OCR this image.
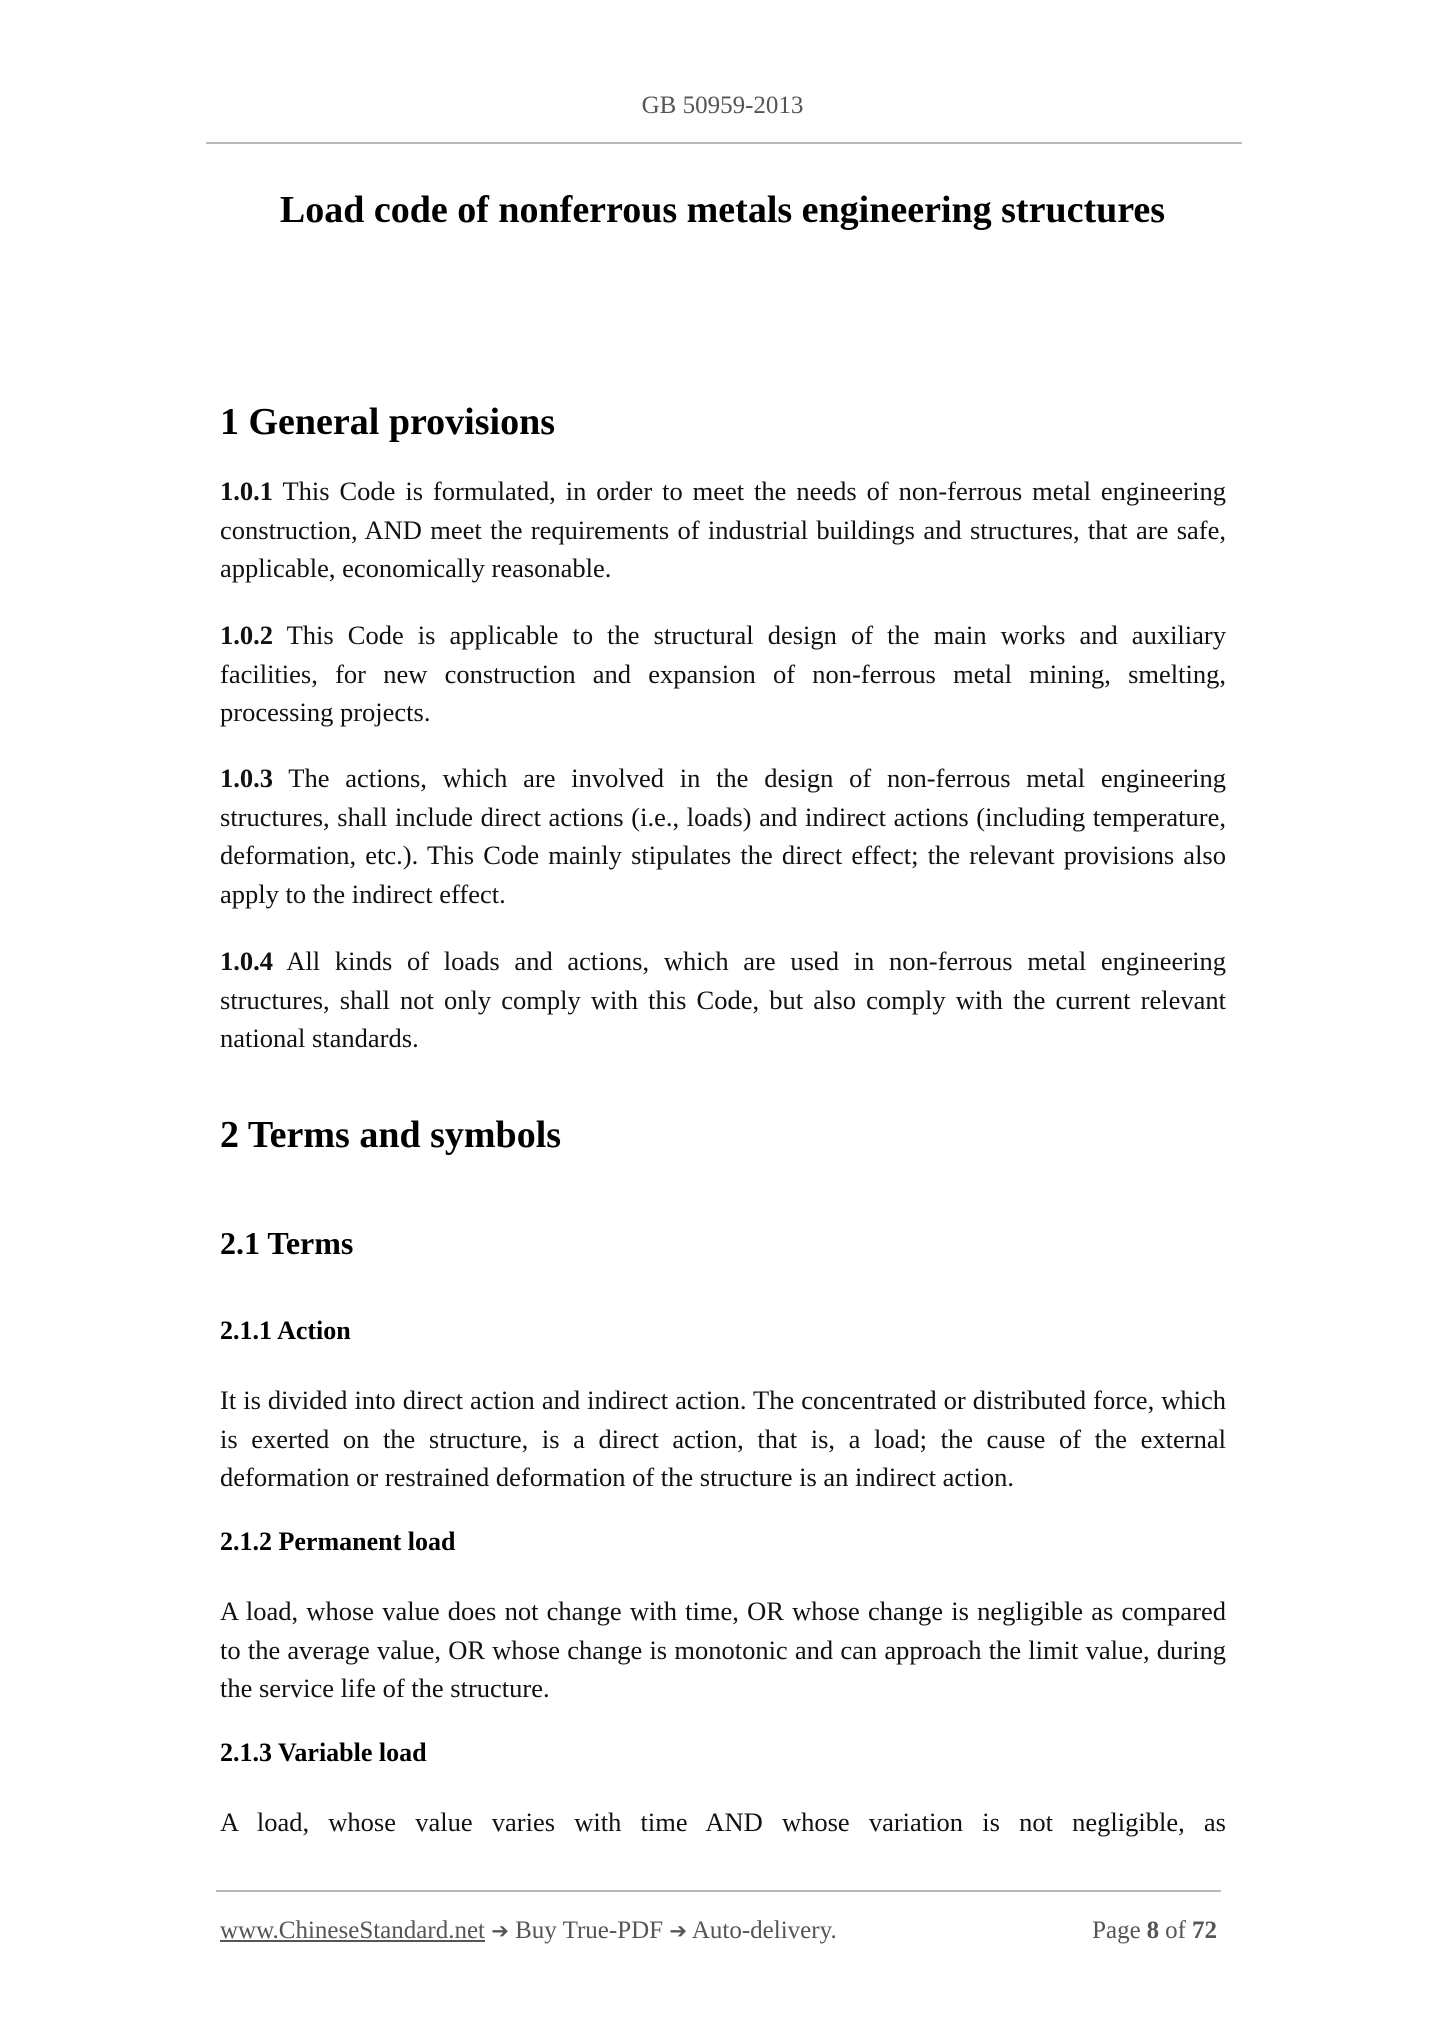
GB 50959-2013
Load code of nonferrous metals engineering structures
1 General provisions

1.0.1 This Code is formulated, in order to meet the needs of non-ferrous metal engineering construction, AND meet the requirements of industrial buildings and structures, that are safe, applicable, economically reasonable.

1.0.2 This Code is applicable to the structural design of the main works and auxiliary facilities, for new construction and expansion of non-ferrous metal mining, smelting, processing projects.

1.0.3 The actions, which are involved in the design of non-ferrous metal engineering structures, shall include direct actions (i.e., loads) and indirect actions (including temperature, deformation, etc.). This Code mainly stipulates the direct effect; the relevant provisions also apply to the indirect effect.

1.0.4 All kinds of loads and actions, which are used in non-ferrous metal engineering structures, shall not only comply with this Code, but also comply with the current relevant national standards.

2 Terms and symbols
2.1 Terms
2.1.1 Action

It is divided into direct action and indirect action. The concentrated or distributed force, which is exerted on the structure, is a direct action, that is, a load; the cause of the external deformation or restrained deformation of the structure is an indirect action.

2.1.2 Permanent load

A load, whose value does not change with time, OR whose change is negligible as compared to the average value, OR whose change is monotonic and can approach the limit value, during the service life of the structure.

2.1.3 Variable load

A load, whose value varies with time AND whose variation is not negligible, as

www.ChineseStandard.net ➔ Buy True-PDF ➔ Auto-delivery.	Page 8 of 72
